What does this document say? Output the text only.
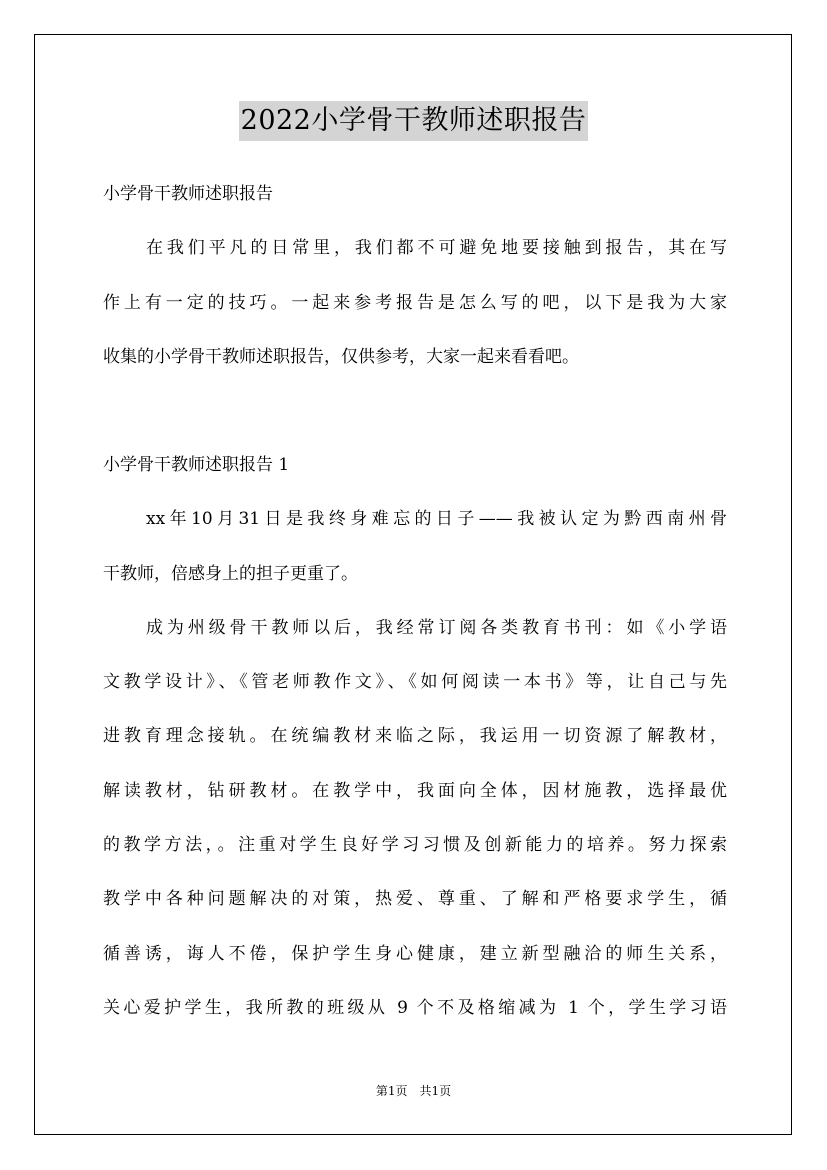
2022小学骨干教师述职报告
小学骨干教师述职报告
在我们平凡的日常里，我们都不可避免地要接触到报告，其在写
作上有一定的技巧。一起来参考报告是怎么写的吧，以下是我为大家
收集的小学骨干教师述职报告，仅供参考，大家一起来看看吧。
小学骨干教师述职报告 1
xx年10月31日是我终身难忘的日子——我被认定为黔西南州骨
干教师，倍感身上的担子更重了。
成为州级骨干教师以后，我经常订阅各类教育书刊：如《小学语
文教学设计》、《管老师教作文》、《如何阅读一本书》等，让自己与先
进教育理念接轨。在统编教材来临之际，我运用一切资源了解教材，
解读教材，钻研教材。在教学中，我面向全体，因材施教，选择最优
的教学方法，。注重对学生良好学习习惯及创新能力的培养。努力探索
教学中各种问题解决的对策，热爱、尊重、了解和严格要求学生，循
循善诱，诲人不倦，保护学生身心健康，建立新型融洽的师生关系，
关心爱护学生，我所教的班级从 9 个不及格缩减为 1 个，学生学习语
第1页　共1页
